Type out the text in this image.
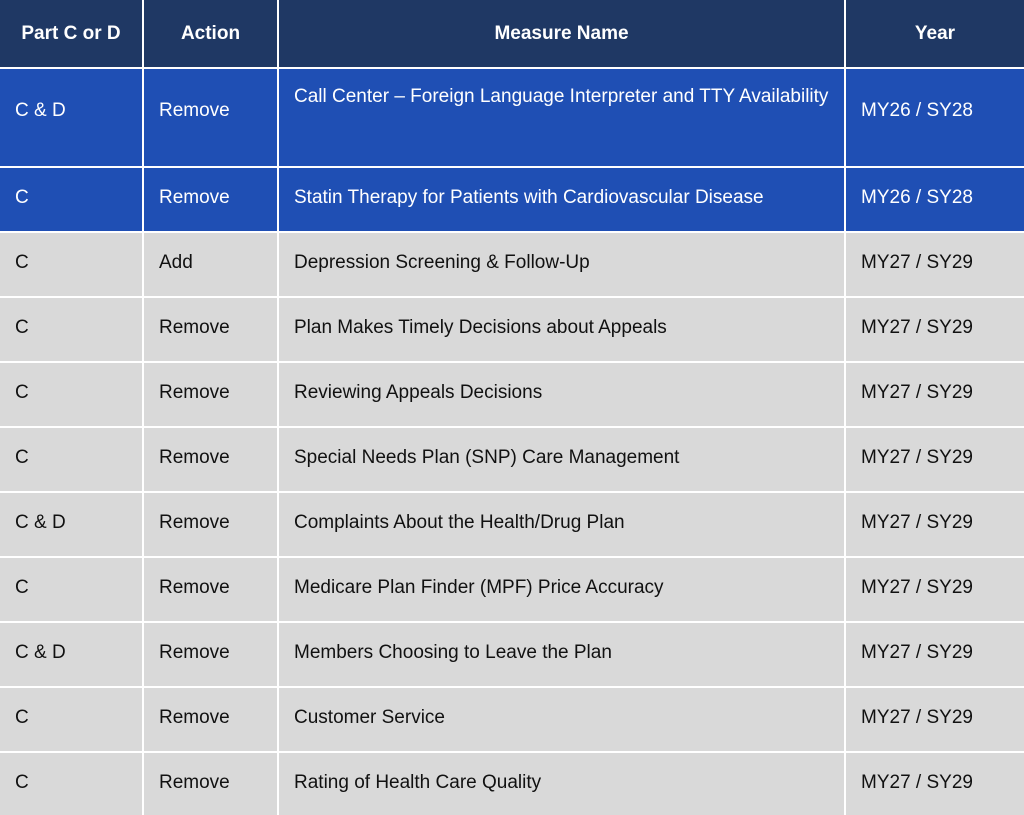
Part C or D	Action	Measure Name	Year
C & D	Remove	Call Center – Foreign Language Interpreter and TTY Availability	MY26 / SY28
C	Remove	Statin Therapy for Patients with Cardiovascular Disease	MY26 / SY28
C	Add	Depression Screening & Follow-Up	MY27 / SY29
C	Remove	Plan Makes Timely Decisions about Appeals	MY27 / SY29
C	Remove	Reviewing Appeals Decisions	MY27 / SY29
C	Remove	Special Needs Plan (SNP) Care Management	MY27 / SY29
C & D	Remove	Complaints About the Health/Drug Plan	MY27 / SY29
C	Remove	Medicare Plan Finder (MPF) Price Accuracy	MY27 / SY29
C & D	Remove	Members Choosing to Leave the Plan	MY27 / SY29
C	Remove	Customer Service	MY27 / SY29
C	Remove	Rating of Health Care Quality	MY27 / SY29
